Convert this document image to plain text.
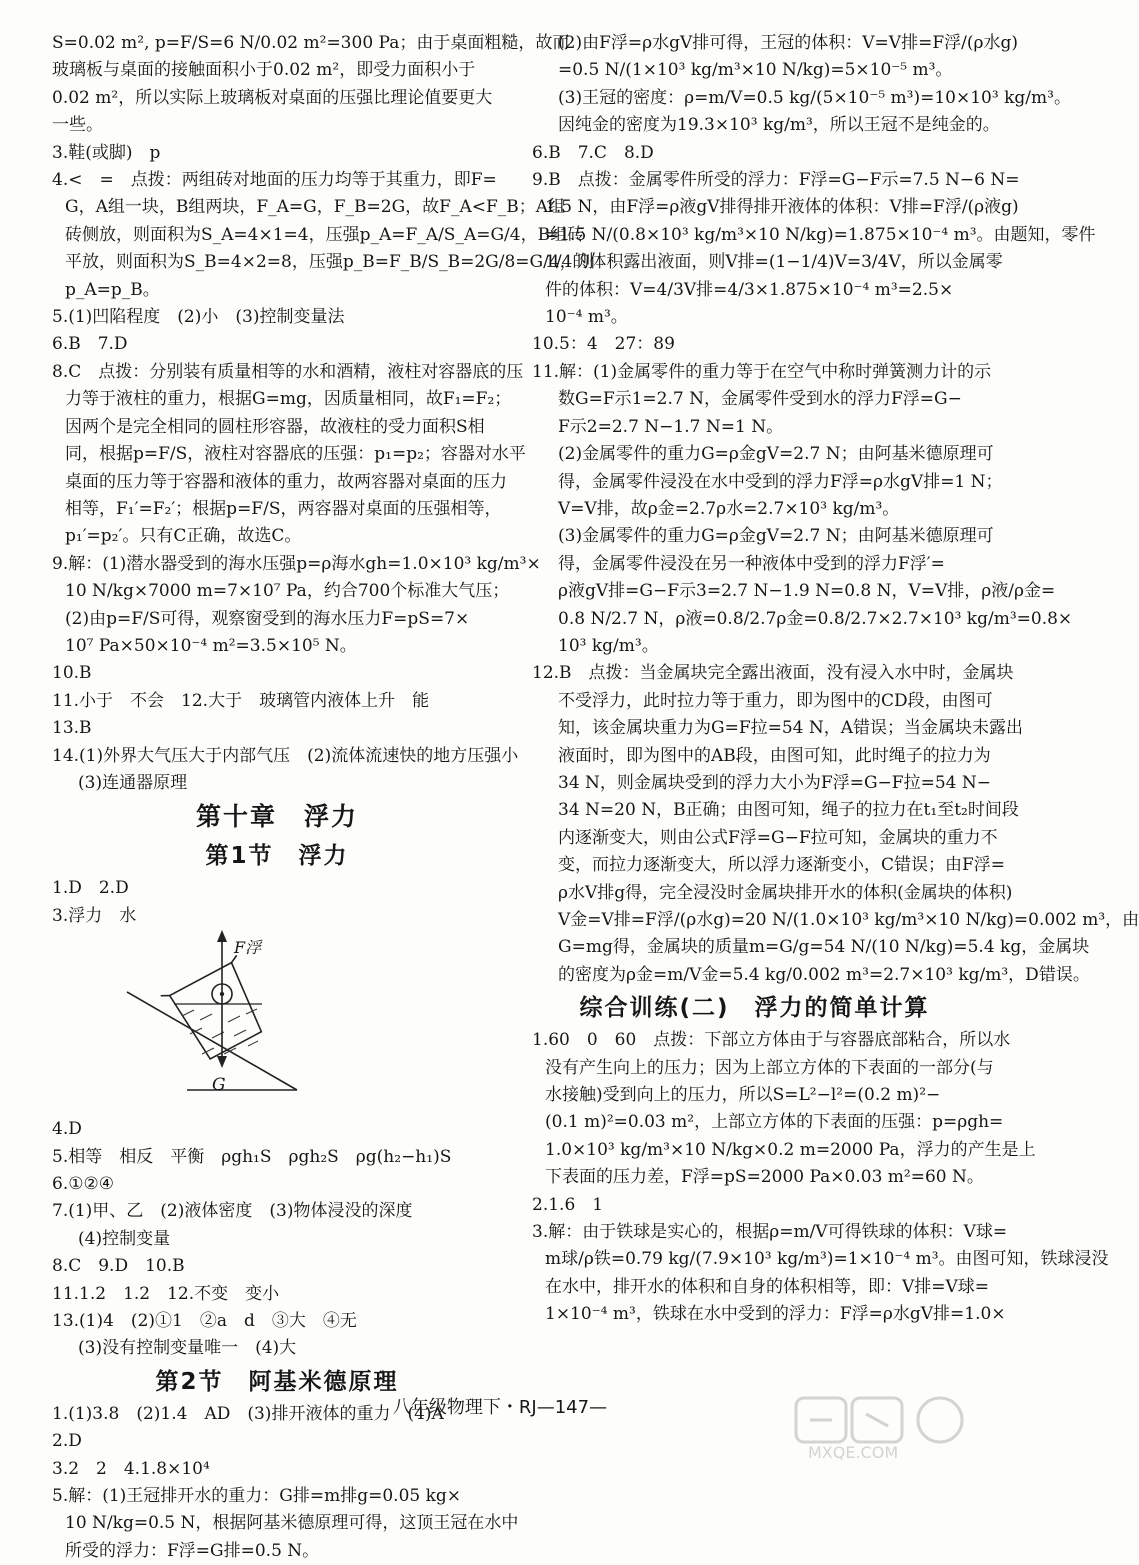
S=0.02 m², p=F/S=6 N/0.02 m²=300 Pa；由于桌面粗糙，故而

玻璃板与桌面的接触面积小于0.02 m²，即受力面积小于

0.02 m²，所以实际上玻璃板对桌面的压强比理论值要更大

一些。

3.鞋(或脚)　p

4.<　=　点拨：两组砖对地面的压力均等于其重力，即F=

G，A组一块，B组两块，F_A=G，F_B=2G，故F_A<F_B；A组

砖侧放，则面积为S_A=4×1=4，压强p_A=F_A/S_A=G/4，B组砖

平放，则面积为S_B=4×2=8，压强p_B=F_B/S_B=2G/8=G/4，则

p_A=p_B。

5.(1)凹陷程度　(2)小　(3)控制变量法

6.B　7.D

8.C　点拨：分别装有质量相等的水和酒精，液柱对容器底的压

力等于液柱的重力，根据G=mg，因质量相同，故F₁=F₂；

因两个是完全相同的圆柱形容器，故液柱的受力面积S相

同，根据p=F/S，液柱对容器底的压强：p₁=p₂；容器对水平

桌面的压力等于容器和液体的重力，故两容器对桌面的压力

相等，F₁′=F₂′；根据p=F/S，两容器对桌面的压强相等，

p₁′=p₂′。只有C正确，故选C。

9.解：(1)潜水器受到的海水压强p=ρ海水gh=1.0×10³ kg/m³×

10 N/kg×7000 m=7×10⁷ Pa，约合700个标准大气压；

(2)由p=F/S可得，观察窗受到的海水压力F=pS=7×

10⁷ Pa×50×10⁻⁴ m²=3.5×10⁵ N。

10.B

11.小于　不会　12.大于　玻璃管内液体上升　能

13.B

14.(1)外界大气压大于内部气压　(2)流体流速快的地方压强小

(3)连通器原理

第十章　浮力
第1节　浮力

1.D　2.D

3.浮力　水

F浮
G

4.D

5.相等　相反　平衡　ρgh₁S　ρgh₂S　ρg(h₂−h₁)S

6.①②④

7.(1)甲、乙　(2)液体密度　(3)物体浸没的深度

(4)控制变量

8.C　9.D　10.B

11.1.2　1.2　12.不变　变小

13.(1)4　(2)①1　②a　d　③大　④无

(3)没有控制变量唯一　(4)大

第2节　阿基米德原理

1.(1)3.8　(2)1.4　AD　(3)排开液体的重力　(4)A

2.D

3.2　2　4.1.8×10⁴

5.解：(1)王冠排开水的重力：G排=m排g=0.05 kg×

10 N/kg=0.5 N，根据阿基米德原理可得，这顶王冠在水中

所受的浮力：F浮=G排=0.5 N。

(2)由F浮=ρ水gV排可得，王冠的体积：V=V排=F浮/(ρ水g)

=0.5 N/(1×10³ kg/m³×10 N/kg)=5×10⁻⁵ m³。

(3)王冠的密度：ρ=m/V=0.5 kg/(5×10⁻⁵ m³)=10×10³ kg/m³。

因纯金的密度为19.3×10³ kg/m³，所以王冠不是纯金的。

6.B　7.C　8.D

9.B　点拨：金属零件所受的浮力：F浮=G−F示=7.5 N−6 N=

1.5 N，由F浮=ρ液gV排得排开液体的体积：V排=F浮/(ρ液g)

=1.5 N/(0.8×10³ kg/m³×10 N/kg)=1.875×10⁻⁴ m³。由题知，零件

1/4的体积露出液面，则V排=(1−1/4)V=3/4V，所以金属零

件的体积：V=4/3V排=4/3×1.875×10⁻⁴ m³=2.5×

10⁻⁴ m³。

10.5：4　27：89

11.解：(1)金属零件的重力等于在空气中称时弹簧测力计的示

数G=F示1=2.7 N，金属零件受到水的浮力F浮=G−

F示2=2.7 N−1.7 N=1 N。

(2)金属零件的重力G=ρ金gV=2.7 N；由阿基米德原理可

得，金属零件浸没在水中受到的浮力F浮=ρ水gV排=1 N；

V=V排，故ρ金=2.7ρ水=2.7×10³ kg/m³。

(3)金属零件的重力G=ρ金gV=2.7 N；由阿基米德原理可

得，金属零件浸没在另一种液体中受到的浮力F浮′=

ρ液gV排=G−F示3=2.7 N−1.9 N=0.8 N，V=V排，ρ液/ρ金=

0.8 N/2.7 N，ρ液=0.8/2.7ρ金=0.8/2.7×2.7×10³ kg/m³=0.8×

10³ kg/m³。

12.B　点拨：当金属块完全露出液面，没有浸入水中时，金属块

不受浮力，此时拉力等于重力，即为图中的CD段，由图可

知，该金属块重力为G=F拉=54 N，A错误；当金属块未露出

液面时，即为图中的AB段，由图可知，此时绳子的拉力为

34 N，则金属块受到的浮力大小为F浮=G−F拉=54 N−

34 N=20 N，B正确；由图可知，绳子的拉力在t₁至t₂时间段

内逐渐变大，则由公式F浮=G−F拉可知，金属块的重力不

变，而拉力逐渐变大，所以浮力逐渐变小，C错误；由F浮=

ρ水V排g得，完全浸没时金属块排开水的体积(金属块的体积)

V金=V排=F浮/(ρ水g)=20 N/(1.0×10³ kg/m³×10 N/kg)=0.002 m³，由

G=mg得，金属块的质量m=G/g=54 N/(10 N/kg)=5.4 kg，金属块

的密度为ρ金=m/V金=5.4 kg/0.002 m³=2.7×10³ kg/m³，D错误。

综合训练(二)　浮力的简单计算

1.60　0　60　点拨：下部立方体由于与容器底部粘合，所以水

没有产生向上的压力；因为上部立方体的下表面的一部分(与

水接触)受到向上的压力，所以S=L²−l²=(0.2 m)²−

(0.1 m)²=0.03 m²，上部立方体的下表面的压强：p=ρgh=

1.0×10³ kg/m³×10 N/kg×0.2 m=2000 Pa，浮力的产生是上

下表面的压力差，F浮=pS=2000 Pa×0.03 m²=60 N。

2.1.6　1

3.解：由于铁球是实心的，根据ρ=m/V可得铁球的体积：V球=

m球/ρ铁=0.79 kg/(7.9×10³ kg/m³)=1×10⁻⁴ m³。由图可知，铁球浸没

在水中，排开水的体积和自身的体积相等，即：V排=V球=

1×10⁻⁴ m³，铁球在水中受到的浮力：F浮=ρ水gV排=1.0×

八年级物理下・RJ—147—
MXQE.COM
